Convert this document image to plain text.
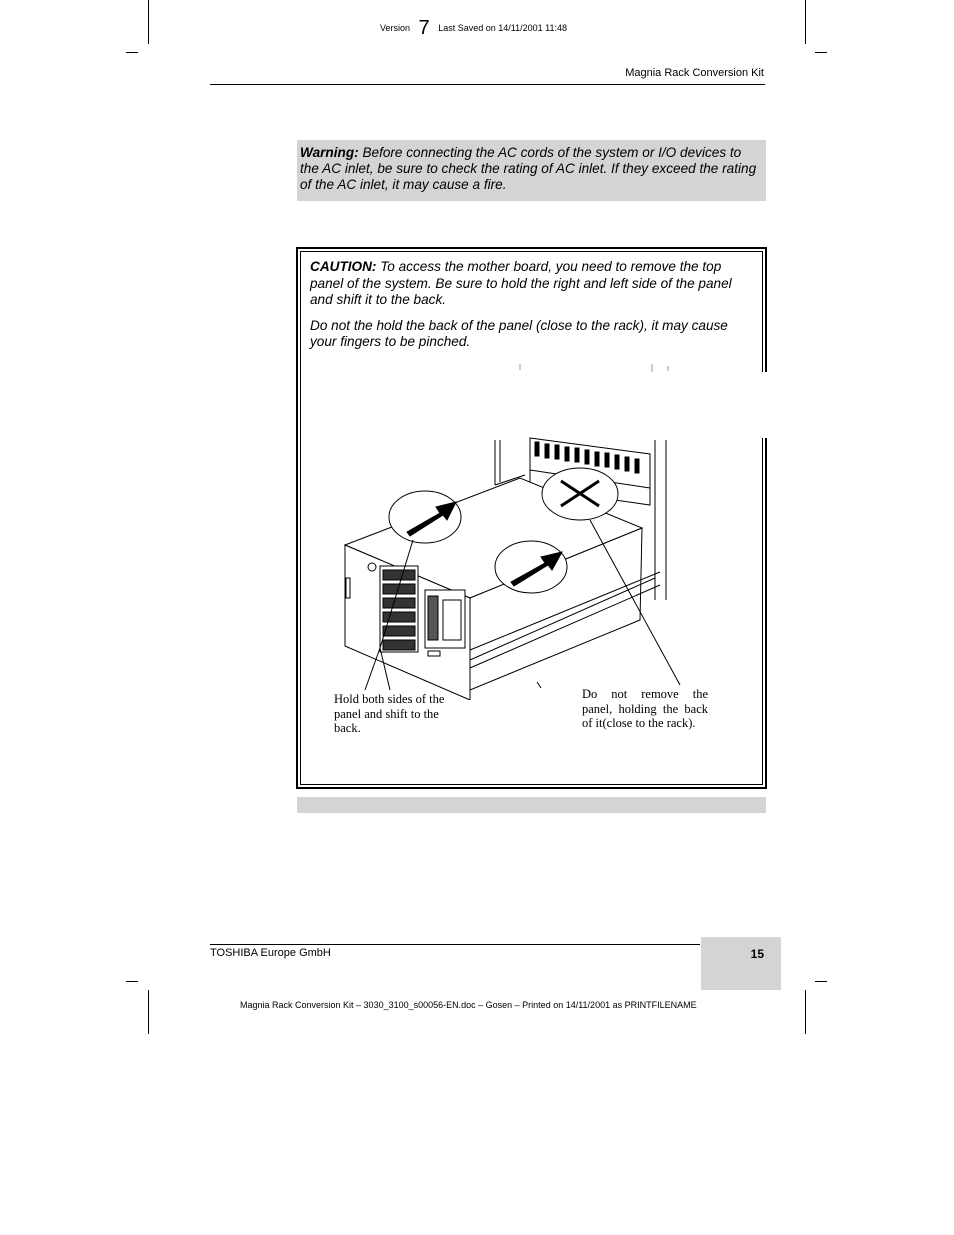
Version 7 Last Saved on 14/11/2001 11:48
Magnia Rack Conversion Kit
Warning: Before connecting the AC cords of the system or I/O devices to the AC inlet, be sure to check the rating of AC inlet. If they exceed the rating of the AC inlet, it may cause a fire.

CAUTION: To access the mother board, you need to remove the top panel of the system. Be sure to hold the right and left side of the panel and shift it to the back.

Do not the hold the back of the panel (close to the rack), it may cause your fingers to be pinched.

Hold both sides of the panel and shift to the back.
Do not remove the panel, holding the back of it(close to the rack).
TOSHIBA Europe GmbH	15
Magnia Rack Conversion Kit – 3030_3100_s00056-EN.doc – Gosen – Printed on 14/11/2001 as PRINTFILENAME
